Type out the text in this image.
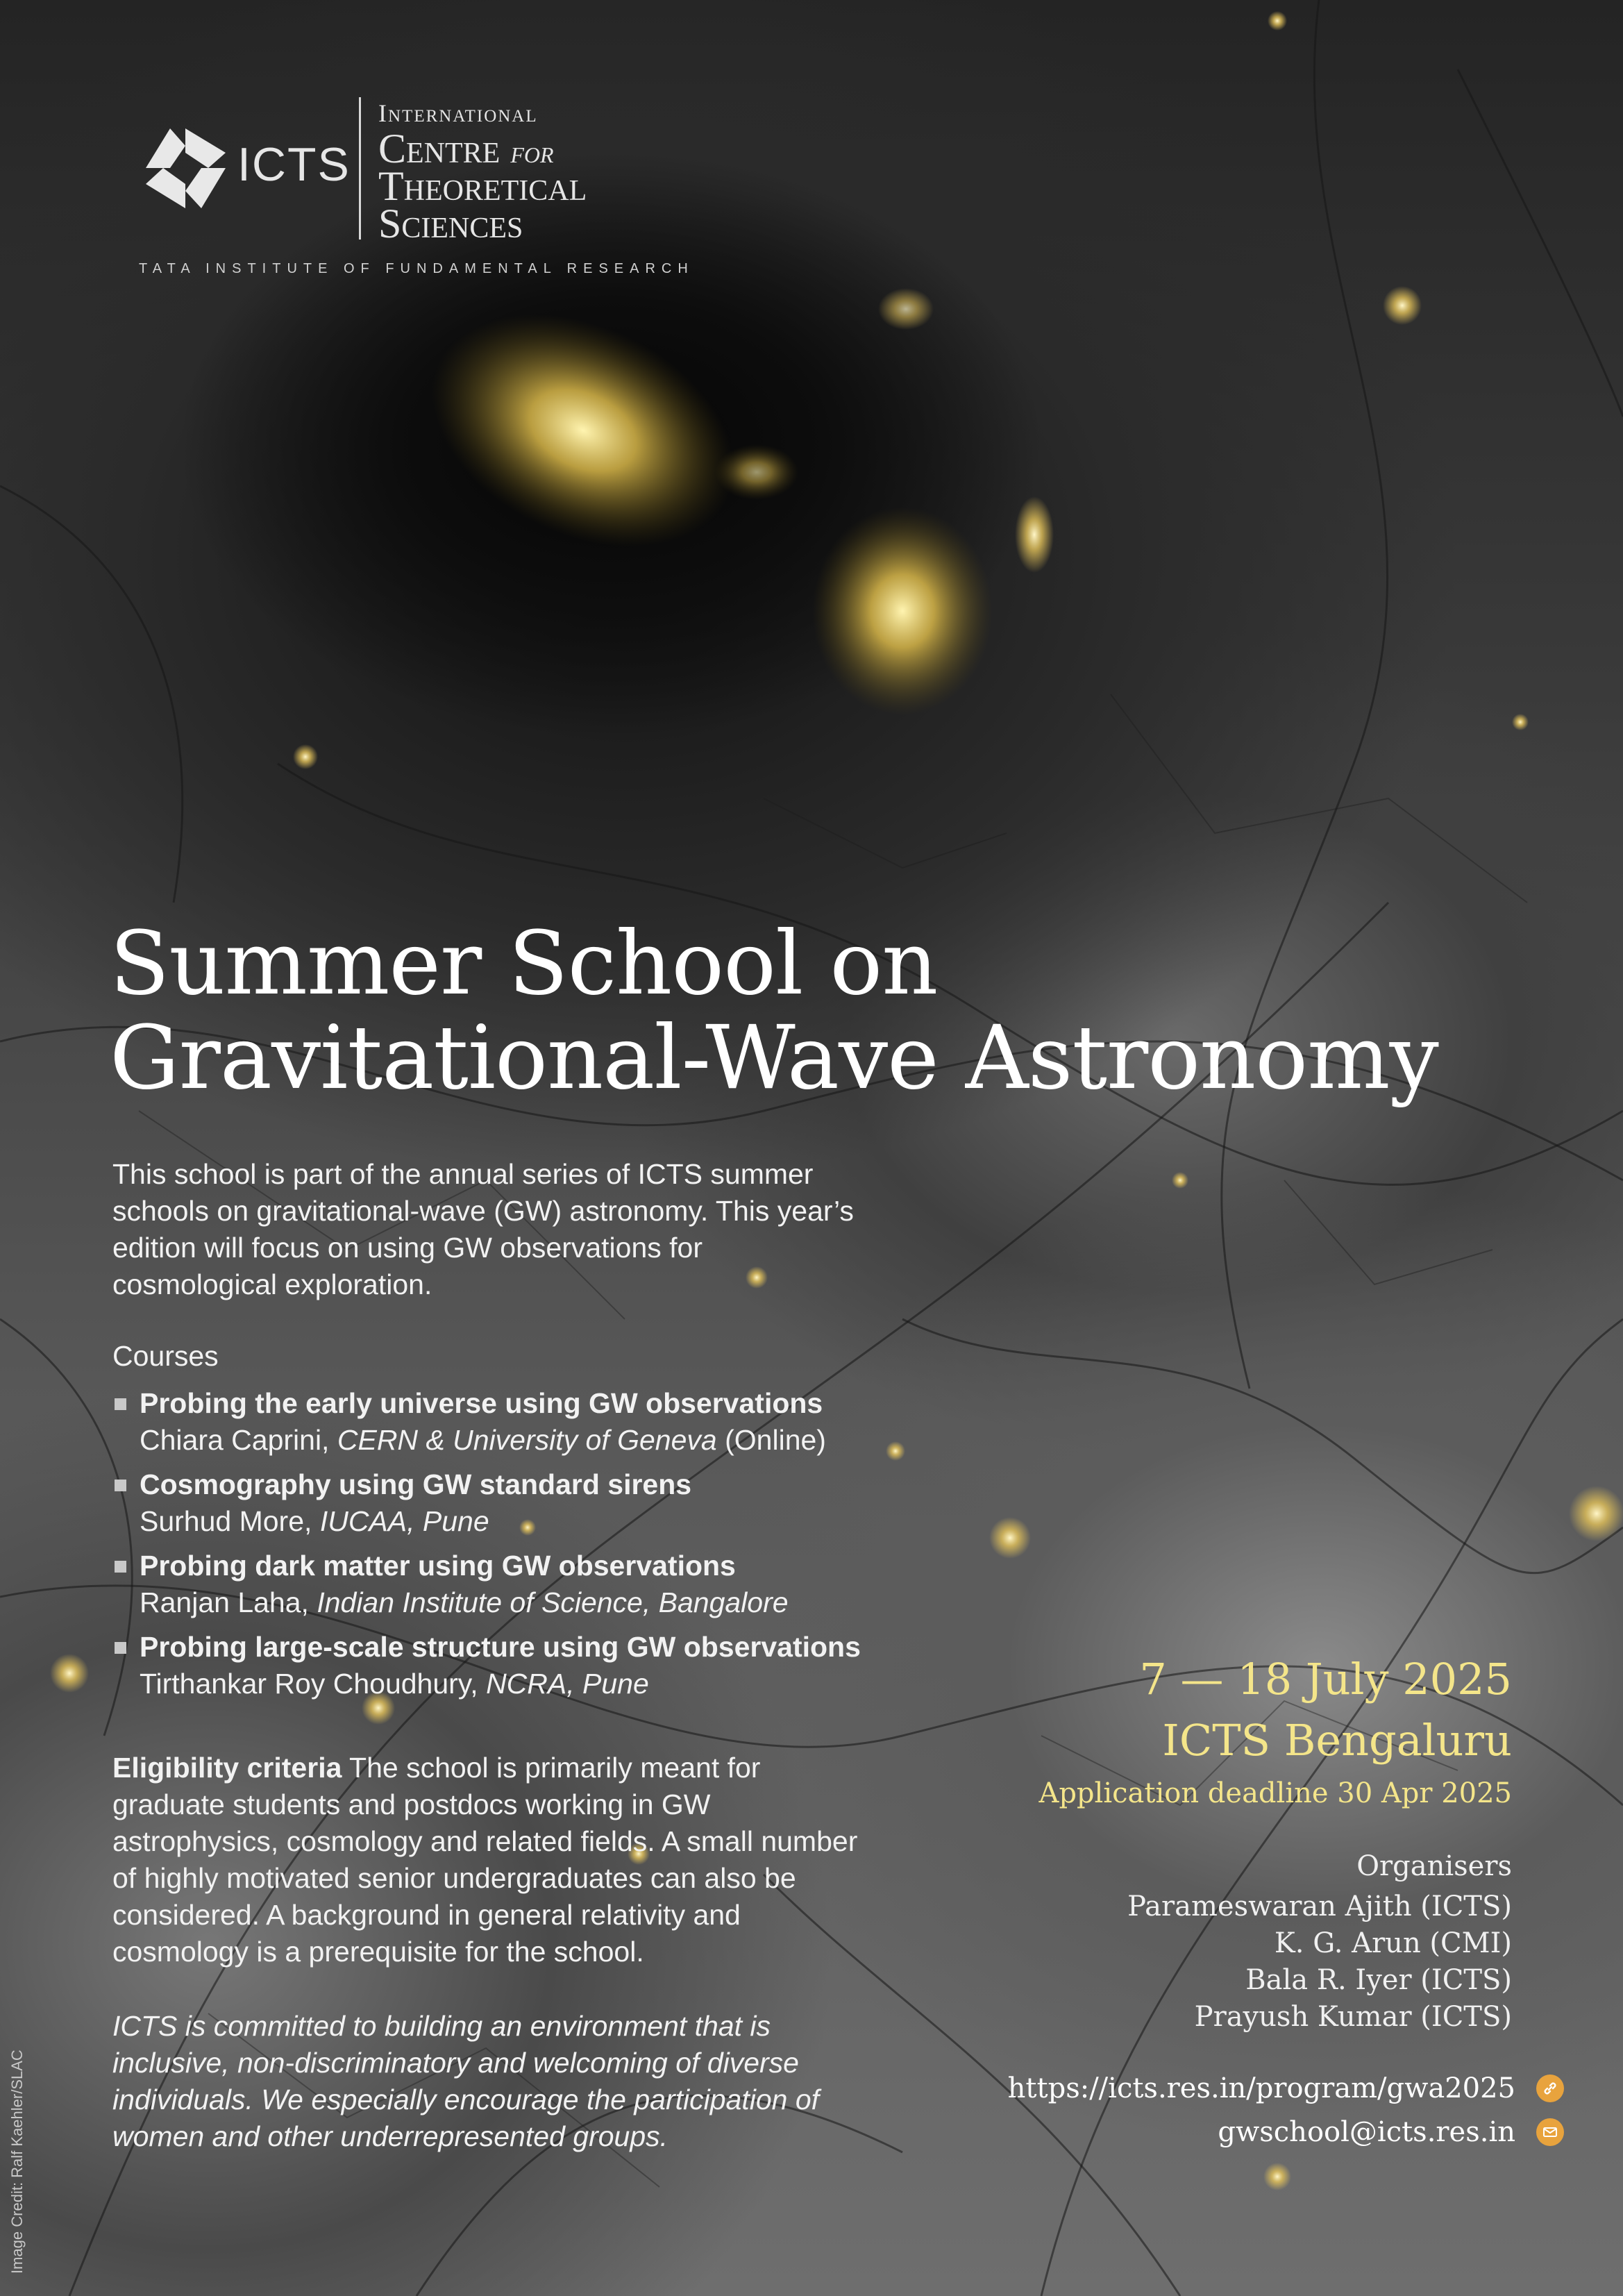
ICTS
International
Centre for
Theoretical
Sciences
TATA INSTITUTE OF FUNDAMENTAL RESEARCH
Summer School on
Gravitational-Wave Astronomy
This school is part of the annual series of ICTS summer schools on gravitational-wave (GW) astronomy. This year’s edition will focus on using GW observations for cosmological exploration.
Courses
Probing the early universe using GW observations
Chiara Caprini, CERN & University of Geneva (Online)
Cosmography using GW standard sirens
Surhud More, IUCAA, Pune
Probing dark matter using GW observations
Ranjan Laha, Indian Institute of Science, Bangalore
Probing large-scale structure using GW observations
Tirthankar Roy Choudhury, NCRA, Pune
Eligibility criteria The school is primarily meant for graduate students and postdocs working in GW astrophysics, cosmology and related fields. A small number of highly motivated senior undergraduates can also be considered. A background in general relativity and cosmology is a prerequisite for the school.
ICTS is committed to building an environment that is inclusive, non-discriminatory and welcoming of diverse individuals. We especially encourage the participation of women and other underrepresented groups.
7 — 18 July 2025
ICTS Bengaluru
Application deadline 30 Apr 2025
Organisers
Parameswaran Ajith (ICTS)
K. G. Arun (CMI)
Bala R. Iyer (ICTS)
Prayush Kumar (ICTS)
https://icts.res.in/program/gwa2025
gwschool@icts.res.in
Image Credit: Ralf Kaehler/SLAC
